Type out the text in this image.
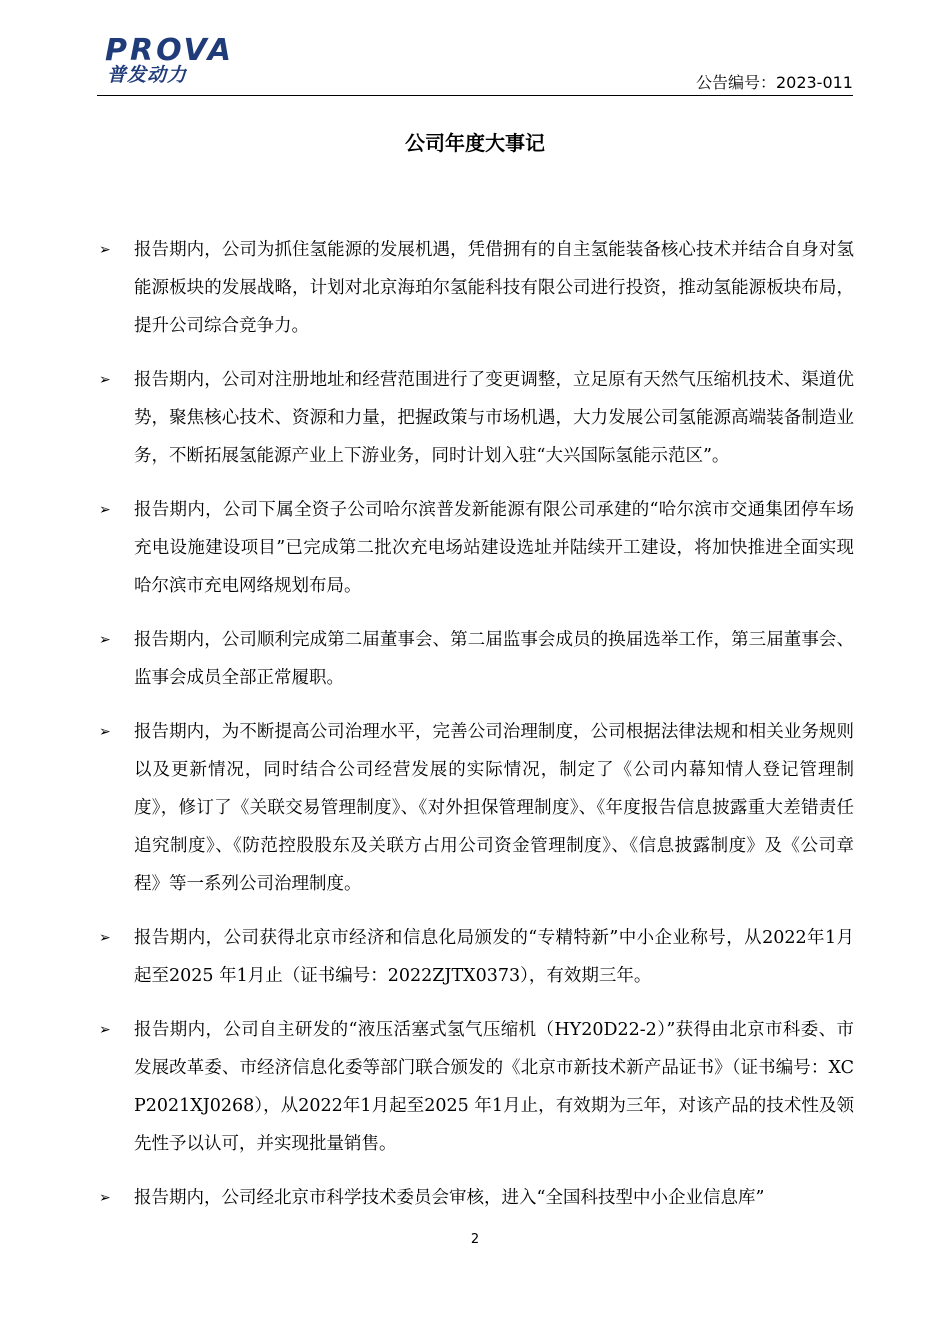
PROVA
普发动力	公告编号：2023-011
公司年度大事记
➢	报告期内，公司为抓住氢能源的发展机遇，凭借拥有的自主氢能装备核心技术并结合自身对氢能源板块的发展战略，计划对北京海珀尔氢能科技有限公司进行投资，推动氢能源板块布局，提升公司综合竞争力。
➢	报告期内，公司对注册地址和经营范围进行了变更调整，立足原有天然气压缩机技术、渠道优势，聚焦核心技术、资源和力量，把握政策与市场机遇，大力发展公司氢能源高端装备制造业务，不断拓展氢能源产业上下游业务，同时计划入驻“大兴国际氢能示范区”。
➢	报告期内，公司下属全资子公司哈尔滨普发新能源有限公司承建的“哈尔滨市交通集团停车场充电设施建设项目”已完成第二批次充电场站建设选址并陆续开工建设，将加快推进全面实现哈尔滨市充电网络规划布局。
➢	报告期内，公司顺利完成第二届董事会、第二届监事会成员的换届选举工作，第三届董事会、监事会成员全部正常履职。
➢	报告期内，为不断提高公司治理水平，完善公司治理制度，公司根据法律法规和相关业务规则以及更新情况，同时结合公司经营发展的实际情况，制定了《公司内幕知情人登记管理制度》，修订了《关联交易管理制度》、《对外担保管理制度》、《年度报告信息披露重大差错责任追究制度》、《防范控股股东及关联方占用公司资金管理制度》、《信息披露制度》及《公司章程》等一系列公司治理制度。
➢	报告期内，公司获得北京市经济和信息化局颁发的“专精特新”中小企业称号，从2022年1月起至2025 年1月止（证书编号：2022ZJTX0373），有效期三年。
➢	报告期内，公司自主研发的“液压活塞式氢气压缩机（HY20D22-2）”获得由北京市科委、市发展改革委、市经济信息化委等部门联合颁发的《北京市新技术新产品证书》（证书编号：XCP2021XJ0268），从2022年1月起至2025 年1月止，有效期为三年，对该产品的技术性及领先性予以认可，并实现批量销售。
➢	报告期内，公司经北京市科学技术委员会审核，进入“全国科技型中小企业信息库”
2
